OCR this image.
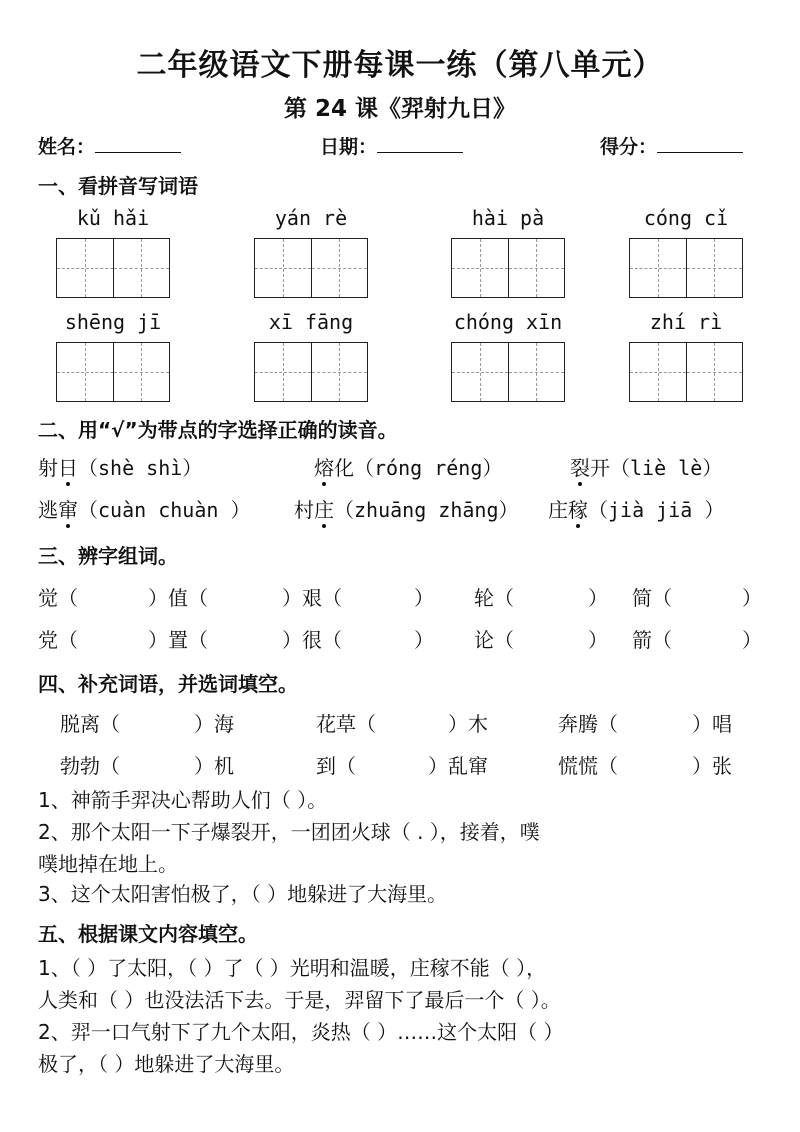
二年级语文下册每课一练（第八单元）
第 24 课《羿射九日》
姓名：	日期：	得分：
一、看拼音写词语
kǔ hǎi	yán rè	hài pà	cóng cǐ
shēng jī	xī fāng	chóng xīn	zhí rì
二、用“√”为带点的字选择正确的读音。
射日（shè shì）	熔化（róng réng）	裂开（liè lè）
逃窜（cuàn chuàn ） 村庄（zhuāng zhāng） 庄稼（jià jiā ）
三、辨字组词。
觉（	）值（	）艰（	） 轮（	） 简（	）
党（	）置（	）很（	） 论（	） 箭（	）
四、补充词语，并选词填空。
脱离（	）海	花草（	）木	奔腾（	）唱
勃勃（	）机	到（	）乱窜	慌慌（	）张
1、神箭手羿决心帮助人们（ ）。
2、那个太阳一下子爆裂开，一团团火球（ . ），接着，噗
噗地掉在地上。
3、这个太阳害怕极了，（ ）地躲进了大海里。
五、根据课文内容填空。
1、（ ）了太阳，（ ）了（ ）光明和温暖，庄稼不能（ ），
人类和（ ）也没法活下去。于是，羿留下了最后一个（ ）。
2、羿一口气射下了九个太阳，炎热（ ）……这个太阳（ ）
极了，（ ）地躲进了大海里。
